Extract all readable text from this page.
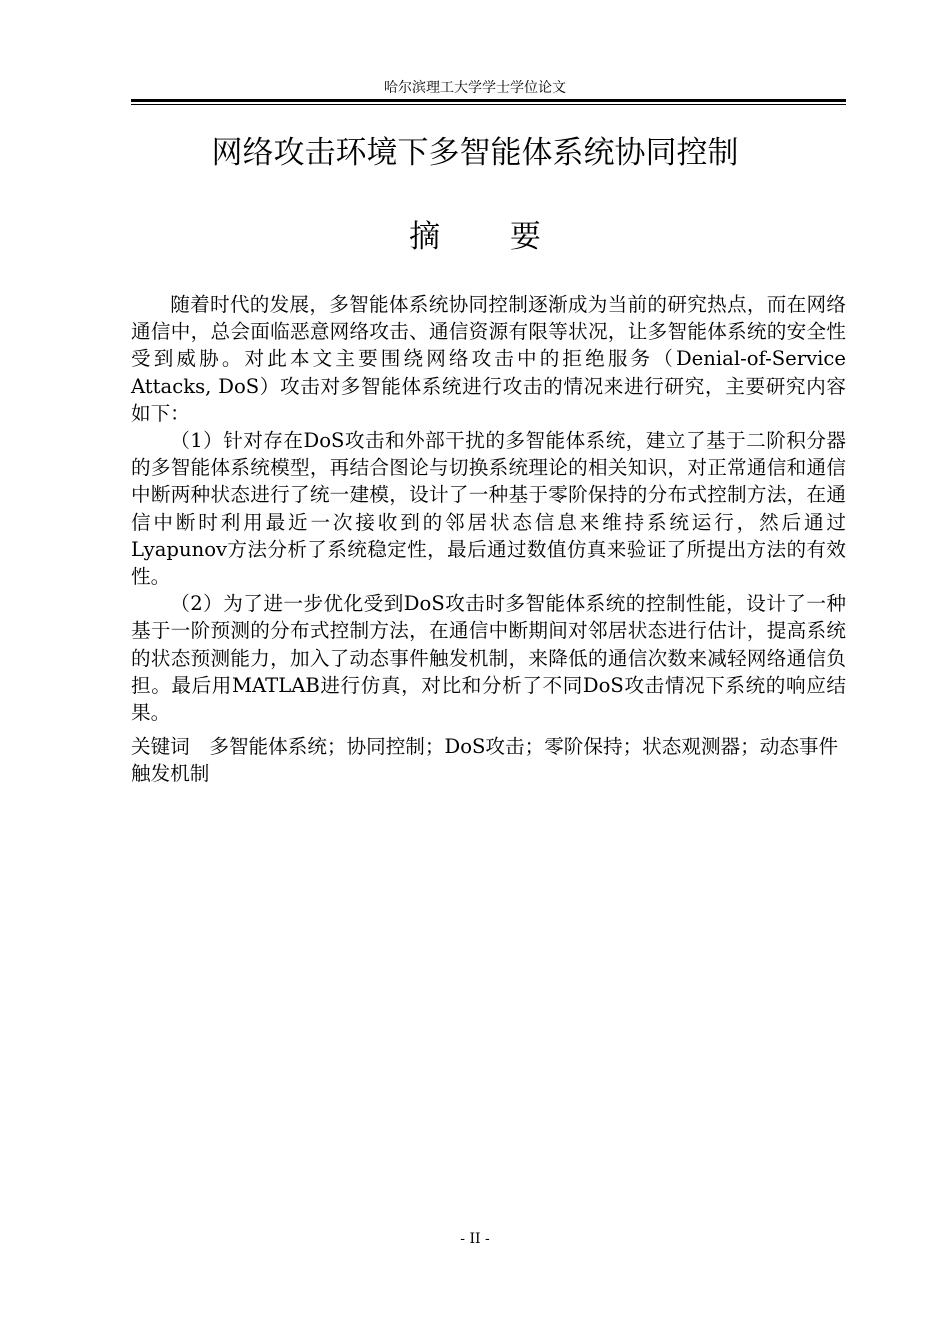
哈尔滨理工大学学士学位论文
网络攻击环境下多智能体系统协同控制
摘 要

随着时代的发展，多智能体系统协同控制逐渐成为当前的研究热点，而在网络通信中，总会面临恶意网络攻击、通信资源有限等状况，让多智能体系统的安全性受到威胁。对此本文主要围绕网络攻击中的拒绝服务（Denial-of-Service Attacks, DoS）攻击对多智能体系统进行攻击的情况来进行研究，主要研究内容如下：

（1）针对存在DoS攻击和外部干扰的多智能体系统，建立了基于二阶积分器的多智能体系统模型，再结合图论与切换系统理论的相关知识，对正常通信和通信中断两种状态进行了统一建模，设计了一种基于零阶保持的分布式控制方法，在通信中断时利用最近一次接收到的邻居状态信息来维持系统运行，然后通过Lyapunov方法分析了系统稳定性，最后通过数值仿真来验证了所提出方法的有效性。

（2）为了进一步优化受到DoS攻击时多智能体系统的控制性能，设计了一种基于一阶预测的分布式控制方法，在通信中断期间对邻居状态进行估计，提高系统的状态预测能力，加入了动态事件触发机制，来降低的通信次数来减轻网络通信负担。最后用MATLAB进行仿真，对比和分析了不同DoS攻击情况下系统的响应结果。

关键词 多智能体系统；协同控制；DoS攻击；零阶保持；状态观测器；动态事件触发机制
- II -
